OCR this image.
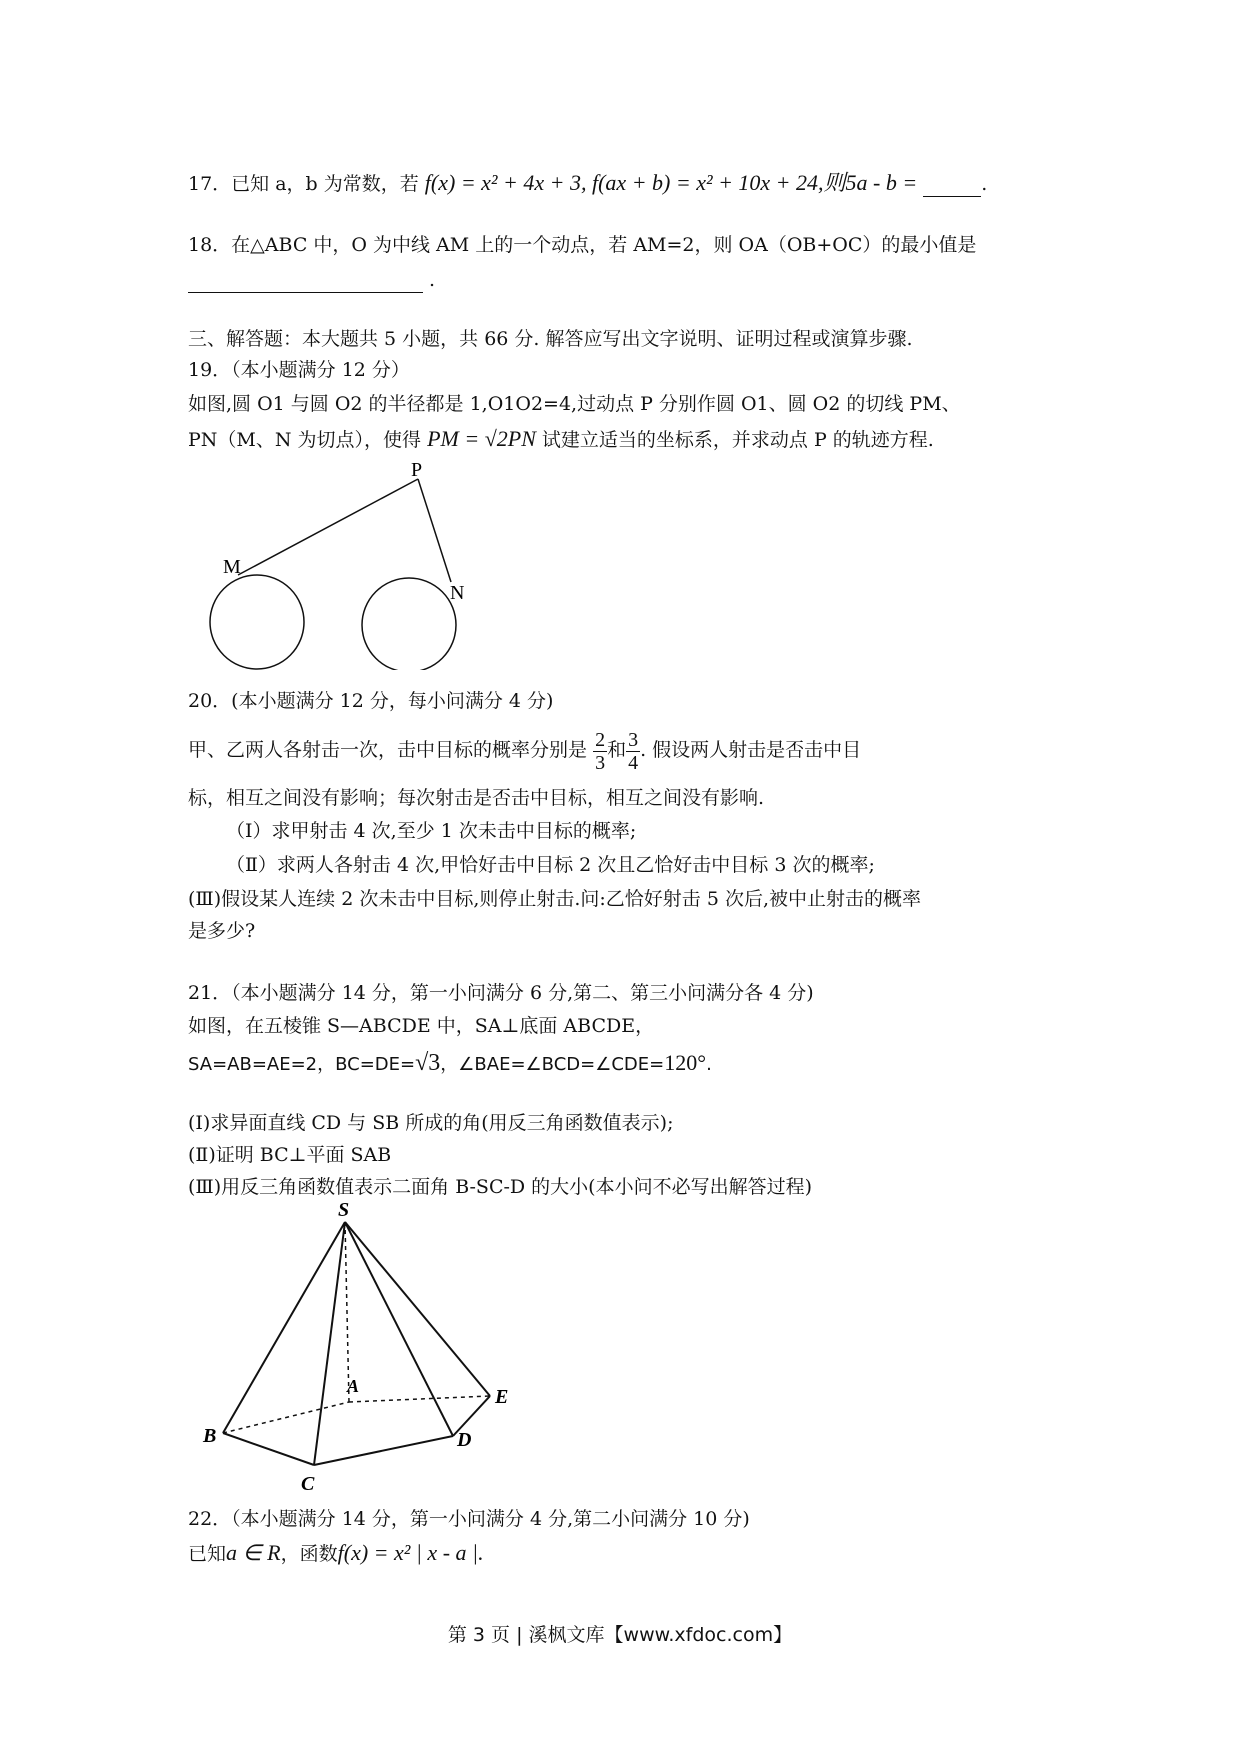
17．已知 a，b 为常数，若 f(x) = x² + 4x + 3, f(ax + b) = x² + 10x + 24,则5a - b =	.
18．在△ABC 中，O 为中线 AM 上的一个动点，若 AM=2，则 OA（OB+OC）的最小值是
.
三、解答题：本大题共 5 小题，共 66 分. 解答应写出文字说明、证明过程或演算步骤.
19．（本小题满分 12 分）
如图,圆 O1 与圆 O2 的半径都是 1,O1O2=4,过动点 P 分别作圆 O1、圆 O2 的切线 PM、
PN（M、N 为切点），使得 PM = √2PN 试建立适当的坐标系，并求动点 P 的轨迹方程.
P
M
N
20．(本小题满分 12 分，每小问满分 4 分)
甲、乙两人各射击一次，击中目标的概率分别是 $\frac{2}{3}$ 和 $\frac{3}{4}$ . 假设两人射击是否击中目
标，相互之间没有影响；每次射击是否击中目标，相互之间没有影响.
（Ⅰ）求甲射击 4 次,至少 1 次未击中目标的概率;
（Ⅱ）求两人各射击 4 次,甲恰好击中目标 2 次且乙恰好击中目标 3 次的概率;
(Ⅲ)假设某人连续 2 次未击中目标,则停止射击.问:乙恰好射击 5 次后,被中止射击的概率
是多少?
21．（本小题满分 14 分，第一小问满分 6 分,第二、第三小问满分各 4 分)
如图，在五棱锥 S—ABCDE 中，SA⊥底面 ABCDE，
SA=AB=AE=2，BC=DE=√3，∠BAE=∠BCD=∠CDE=120°.
(Ⅰ)求异面直线 CD 与 SB 所成的角(用反三角函数值表示);
(Ⅱ)证明 BC⊥平面 SAB
(Ⅲ)用反三角函数值表示二面角 B-SC-D 的大小(本小问不必写出解答过程)
S
A
B
C
D
E
22．（本小题满分 14 分，第一小问满分 4 分,第二小问满分 10 分)
已知a ∈ R，函数f(x) = x² | x - a |.
第 3 页 | 溪枫文库【www.xfdoc.com】
